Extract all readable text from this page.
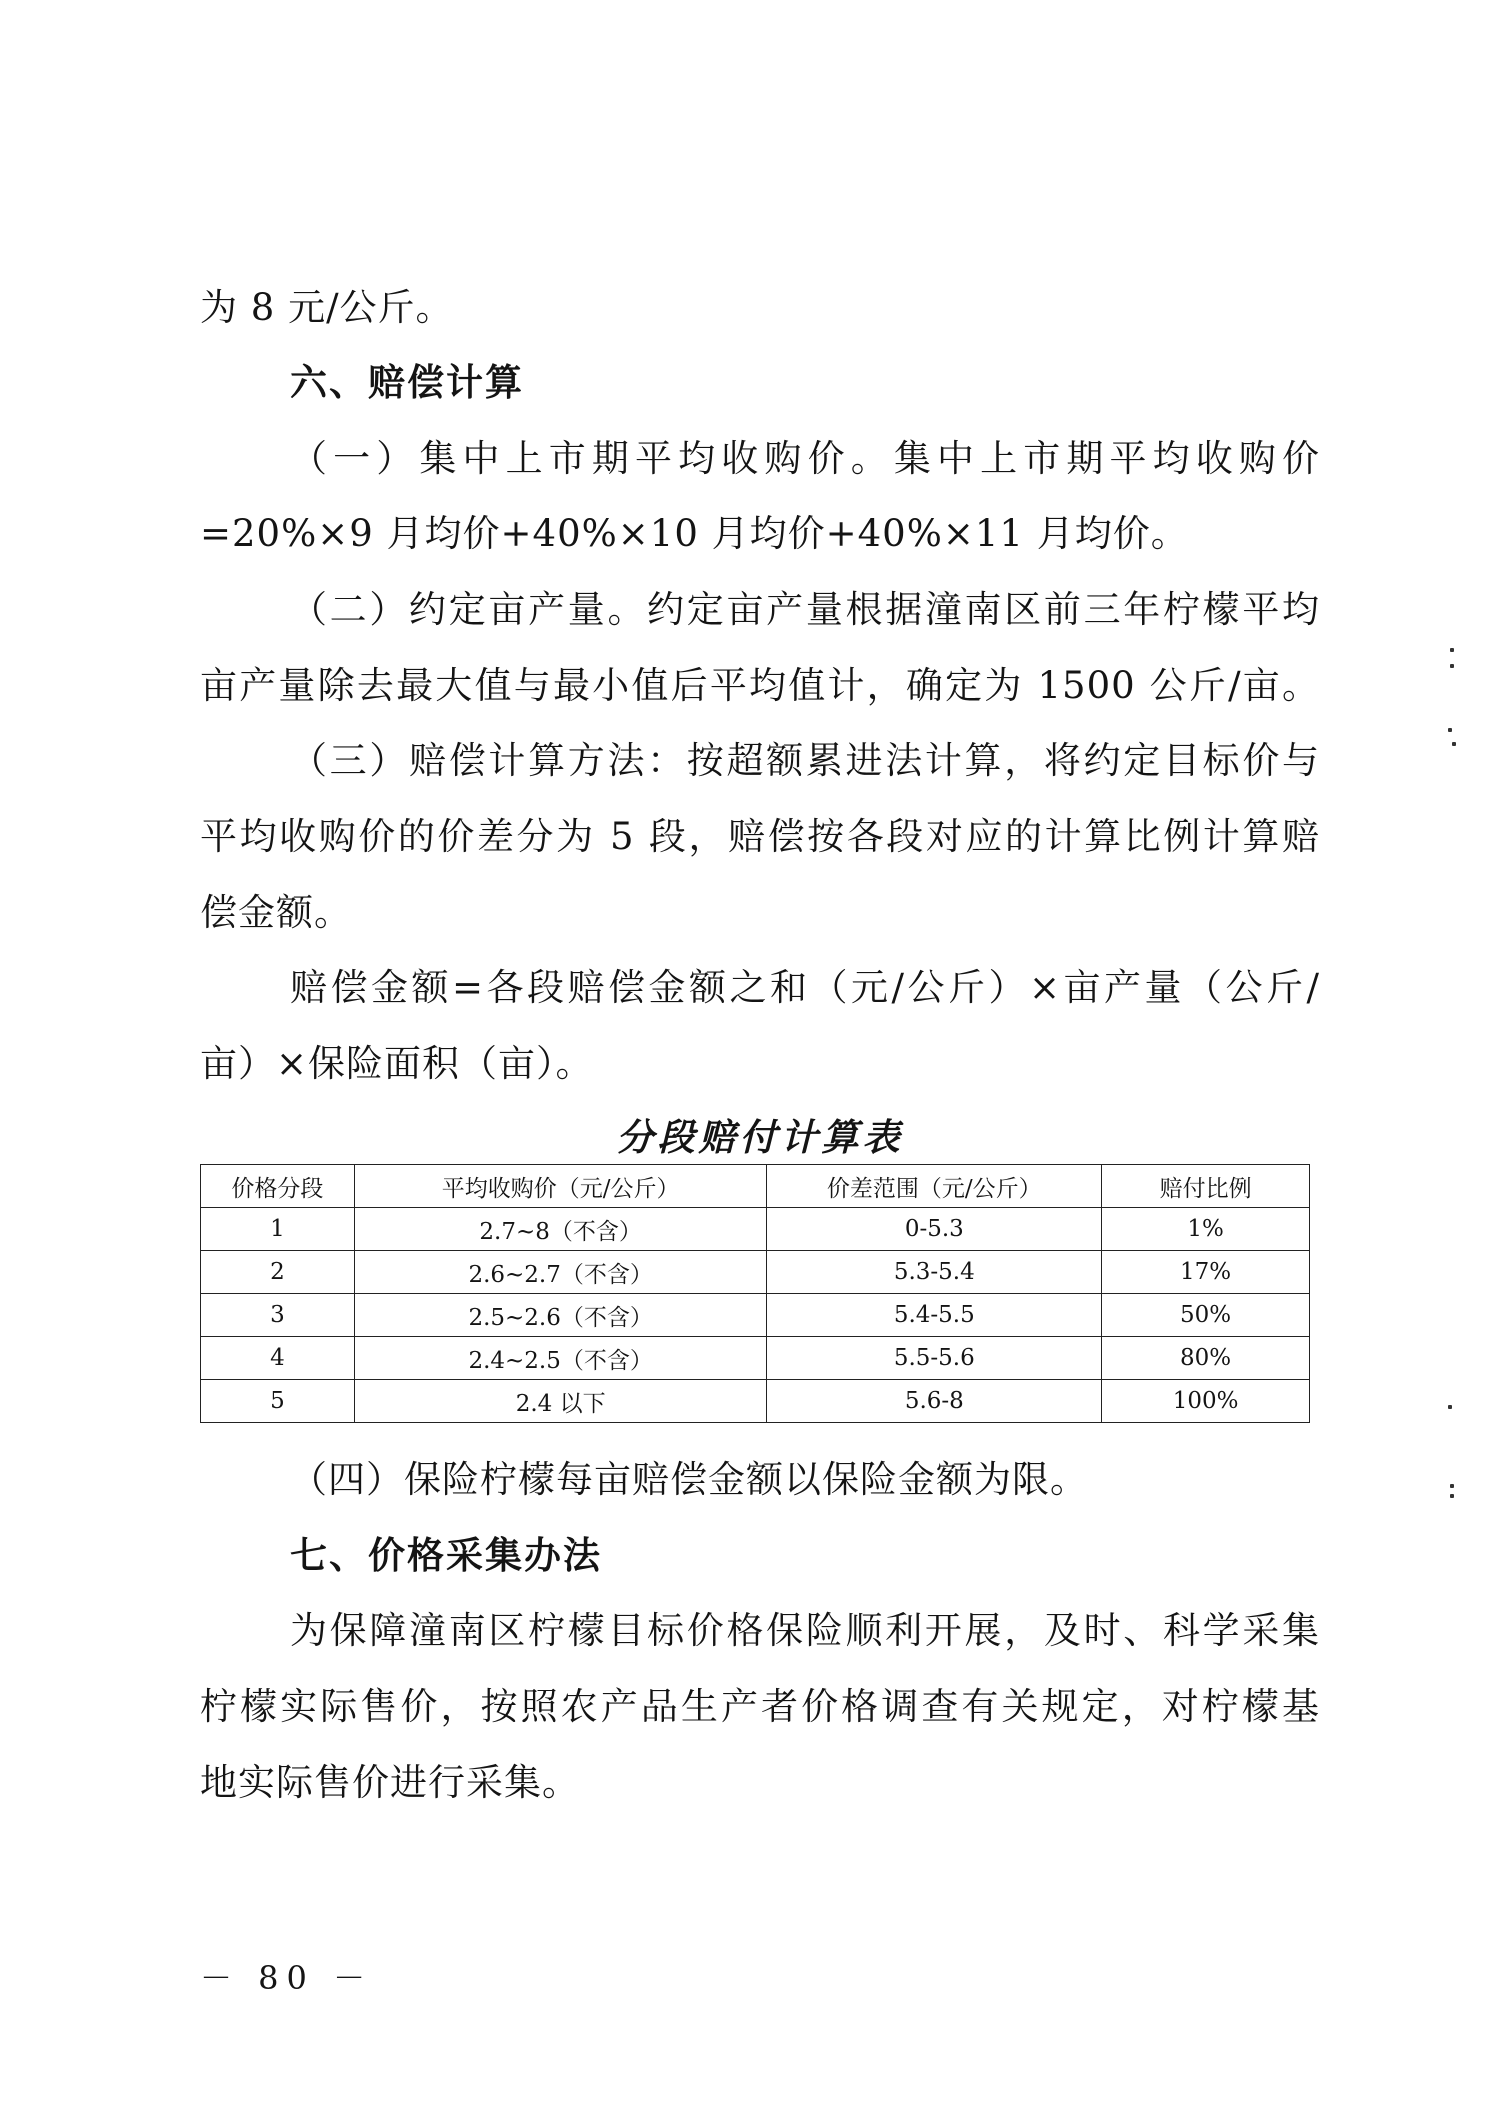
为 8 元/公斤。
六、赔偿计算
（一）集中上市期平均收购价。集中上市期平均收购价
=20%×9 月均价+40%×10 月均价+40%×11 月均价。
（二）约定亩产量。约定亩产量根据潼南区前三年柠檬平均
亩产量除去最大值与最小值后平均值计，确定为 1500 公斤/亩。
（三）赔偿计算方法：按超额累进法计算，将约定目标价与
平均收购价的价差分为 5 段，赔偿按各段对应的计算比例计算赔
偿金额。
赔偿金额=各段赔偿金额之和（元/公斤）×亩产量（公斤/
亩）×保险面积（亩）。
分段赔付计算表
价格分段	平均收购价（元/公斤）	价差范围（元/公斤）	赔付比例
1	2.7~8（不含）	0-5.3	1%
2	2.6~2.7（不含）	5.3-5.4	17%
3	2.5~2.6（不含）	5.4-5.5	50%
4	2.4~2.5（不含）	5.5-5.6	80%
5	2.4 以下	5.6-8	100%
（四）保险柠檬每亩赔偿金额以保险金额为限。
七、价格采集办法
为保障潼南区柠檬目标价格保险顺利开展，及时、科学采集
柠檬实际售价，按照农产品生产者价格调查有关规定，对柠檬基
地实际售价进行采集。
－ 80 －
